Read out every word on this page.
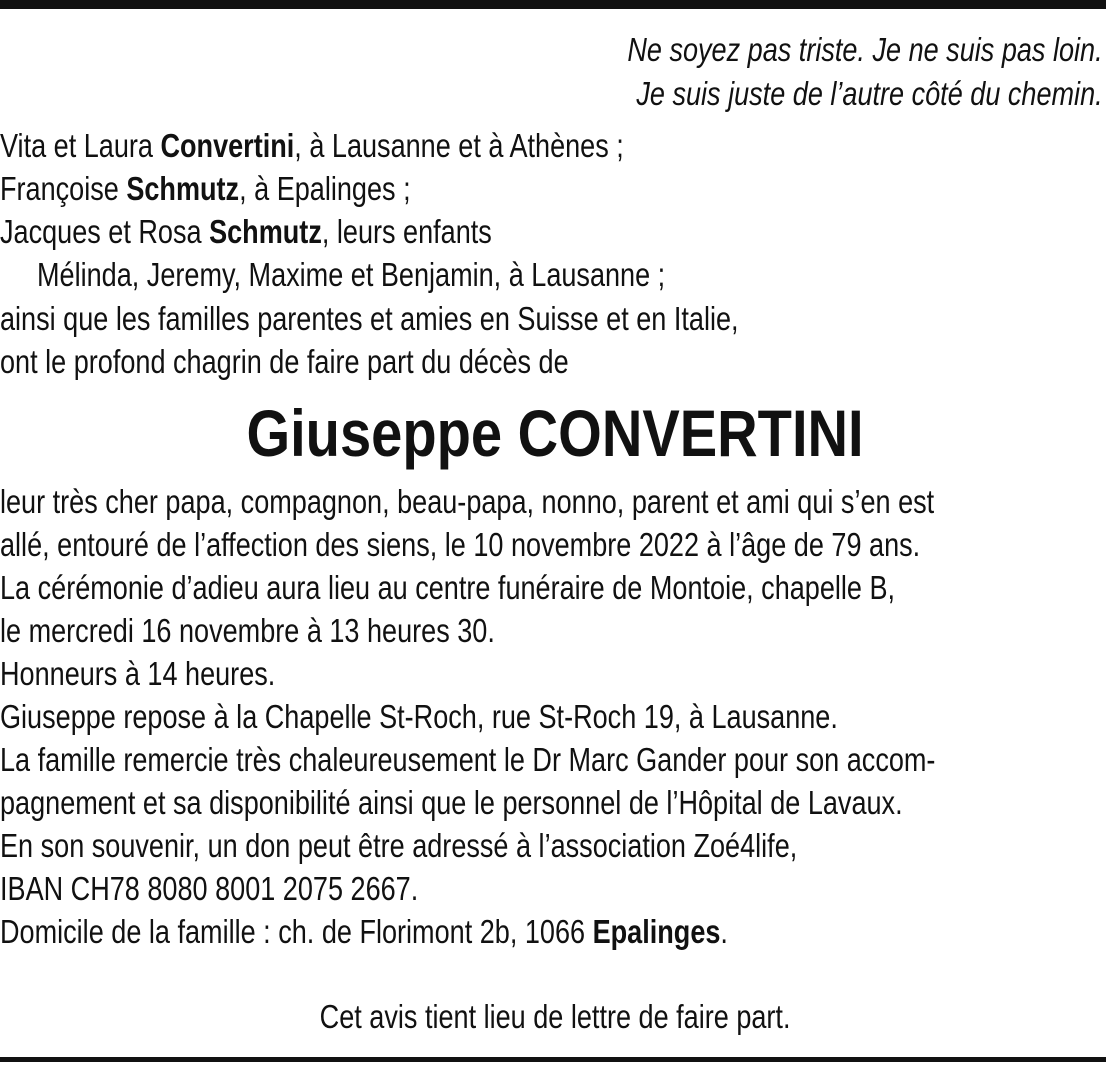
Ne soyez pas triste. Je ne suis pas loin.
Je suis juste de l’autre côté du chemin.
Vita et Laura Convertini, à Lausanne et à Athènes ;
Françoise Schmutz, à Epalinges ;
Jacques et Rosa Schmutz, leurs enfants
Mélinda, Jeremy, Maxime et Benjamin, à Lausanne ;
ainsi que les familles parentes et amies en Suisse et en Italie,
ont le profond chagrin de faire part du décès de
Giuseppe CONVERTINI
leur très cher papa, compagnon, beau-papa, nonno, parent et ami qui s’en est
allé, entouré de l’affection des siens, le 10 novembre 2022 à l’âge de 79 ans.
La cérémonie d’adieu aura lieu au centre funéraire de Montoie, chapelle B,
le mercredi 16 novembre à 13 heures 30.
Honneurs à 14 heures.
Giuseppe repose à la Chapelle St-Roch, rue St-Roch 19, à Lausanne.
La famille remercie très chaleureusement le Dr Marc Gander pour son accom-
pagnement et sa disponibilité ainsi que le personnel de l’Hôpital de Lavaux.
En son souvenir, un don peut être adressé à l’association Zoé4life,
IBAN CH78 8080 8001 2075 2667.
Domicile de la famille : ch. de Florimont 2b, 1066 Epalinges.
Cet avis tient lieu de lettre de faire part.
